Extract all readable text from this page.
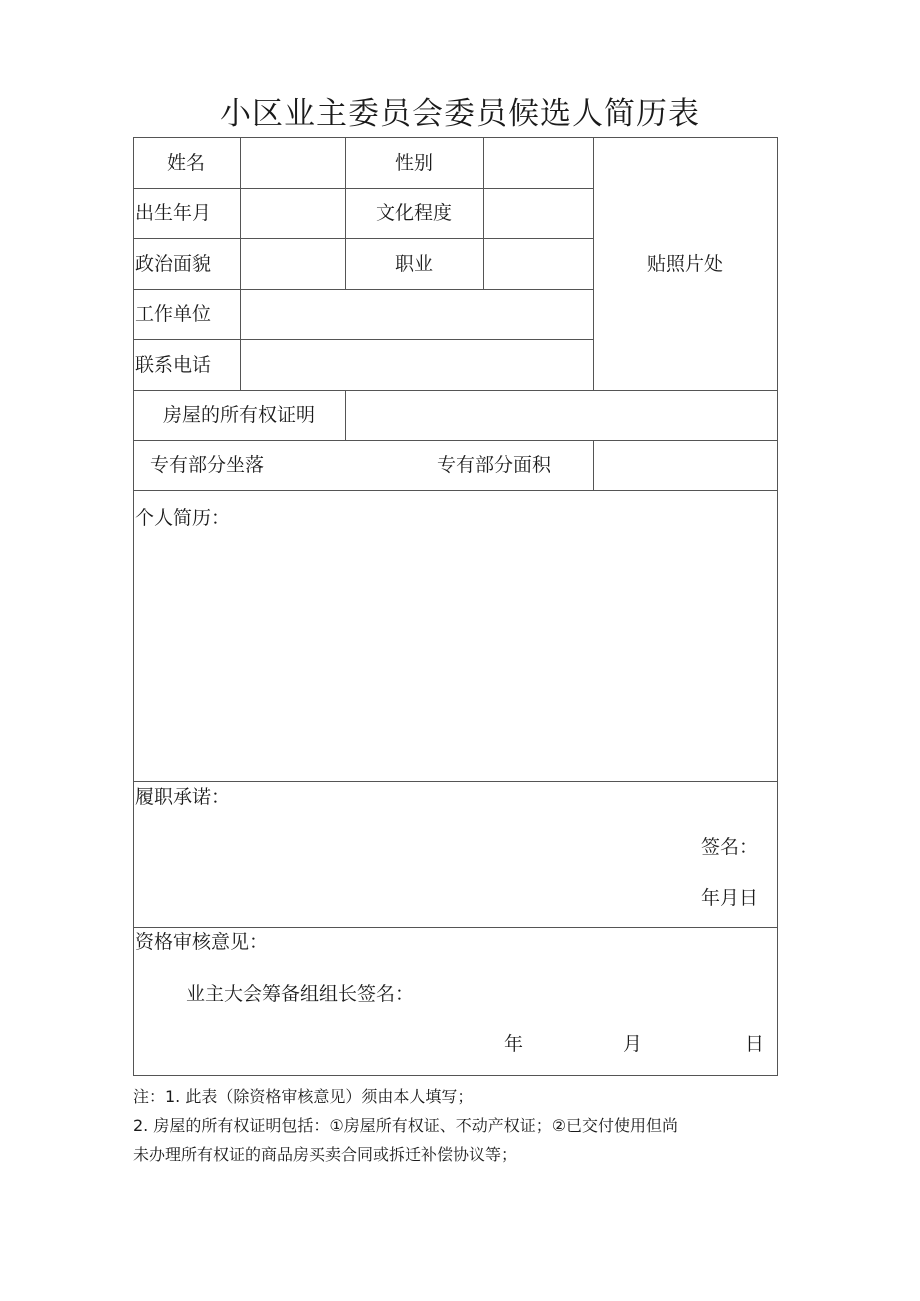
小区业主委员会委员候选人简历表
姓名	性别
出生年月	文化程度
政治面貌	职业	贴照片处
工作单位
联系电话
房屋的所有权证明
专有部分坐落	专有部分面积
个人简历：
履职承诺：
签名：
年月日
资格审核意见：
业主大会筹备组组长签名：
年	月	日
注：1. 此表（除资格审核意见）须由本人填写；
2. 房屋的所有权证明包括：①房屋所有权证、不动产权证；②已交付使用但尚
未办理所有权证的商品房买卖合同或拆迁补偿协议等；
